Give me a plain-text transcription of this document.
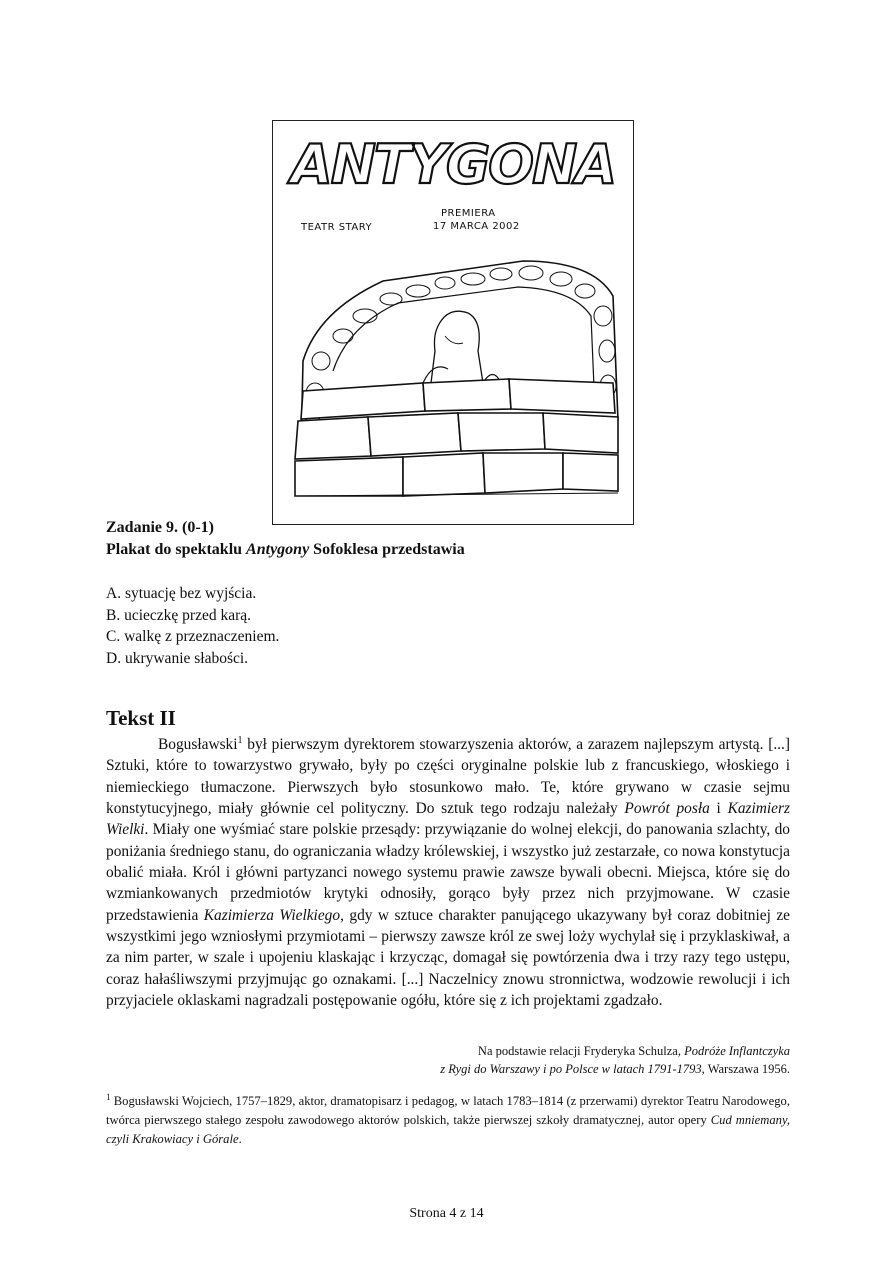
ANTYGONA
TEATR STARY
PREMIERA
17 MARCA 2002
Zadanie 9. (0-1)
Plakat do spektaklu Antygony Sofoklesa przedstawia
A. sytuację bez wyjścia.
B. ucieczkę przed karą.
C. walkę z przeznaczeniem.
D. ukrywanie słabości.
Tekst II

Bogusławski$^1$ był pierwszym dyrektorem stowarzyszenia aktorów, a zarazem najlepszym artystą. [...] Sztuki, które to towarzystwo grywało, były po części oryginalne polskie lub z francuskiego, włoskiego i niemieckiego tłumaczone. Pierwszych było stosunkowo mało. Te, które grywano w czasie sejmu konstytucyjnego, miały głównie cel polityczny. Do sztuk tego rodzaju należały Powrót posła i Kazimierz Wielki. Miały one wyśmiać stare polskie przesądy: przywiązanie do wolnej elekcji, do panowania szlachty, do poniżania średniego stanu, do ograniczania władzy królewskiej, i wszystko już zestarzałe, co nowa konstytucja obalić miała. Król i główni partyzanci nowego systemu prawie zawsze bywali obecni. Miejsca, które się do wzmiankowanych przedmiotów krytyki odnosiły, gorąco były przez nich przyjmowane. W czasie przedstawienia Kazimierza Wielkiego, gdy w sztuce charakter panującego ukazywany był coraz dobitniej ze wszystkimi jego wzniosłymi przymiotami – pierwszy zawsze król ze swej loży wychylał się i przyklaskiwał, a za nim parter, w szale i upojeniu klaskając i krzycząc, domagał się powtórzenia dwa i trzy razy tego ustępu, coraz hałaśliwszymi przyjmując go oznakami. [...] Naczelnicy znowu stronnictwa, wodzowie rewolucji i ich przyjaciele oklaskami nagradzali postępowanie ogółu, które się z ich projektami zgadzało.

Na podstawie relacji Fryderyka Schulza, Podróże Inflantczyka
z Rygi do Warszawy i po Polsce w latach 1791-1793, Warszawa 1956.
$^1$ Bogusławski Wojciech, 1757–1829, aktor, dramatopisarz i pedagog, w latach 1783–1814 (z przerwami) dyrektor Teatru Narodowego, twórca pierwszego stałego zespołu zawodowego aktorów polskich, także pierwszej szkoły dramatycznej, autor opery Cud mniemany, czyli Krakowiacy i Górale.
Strona 4 z 14
